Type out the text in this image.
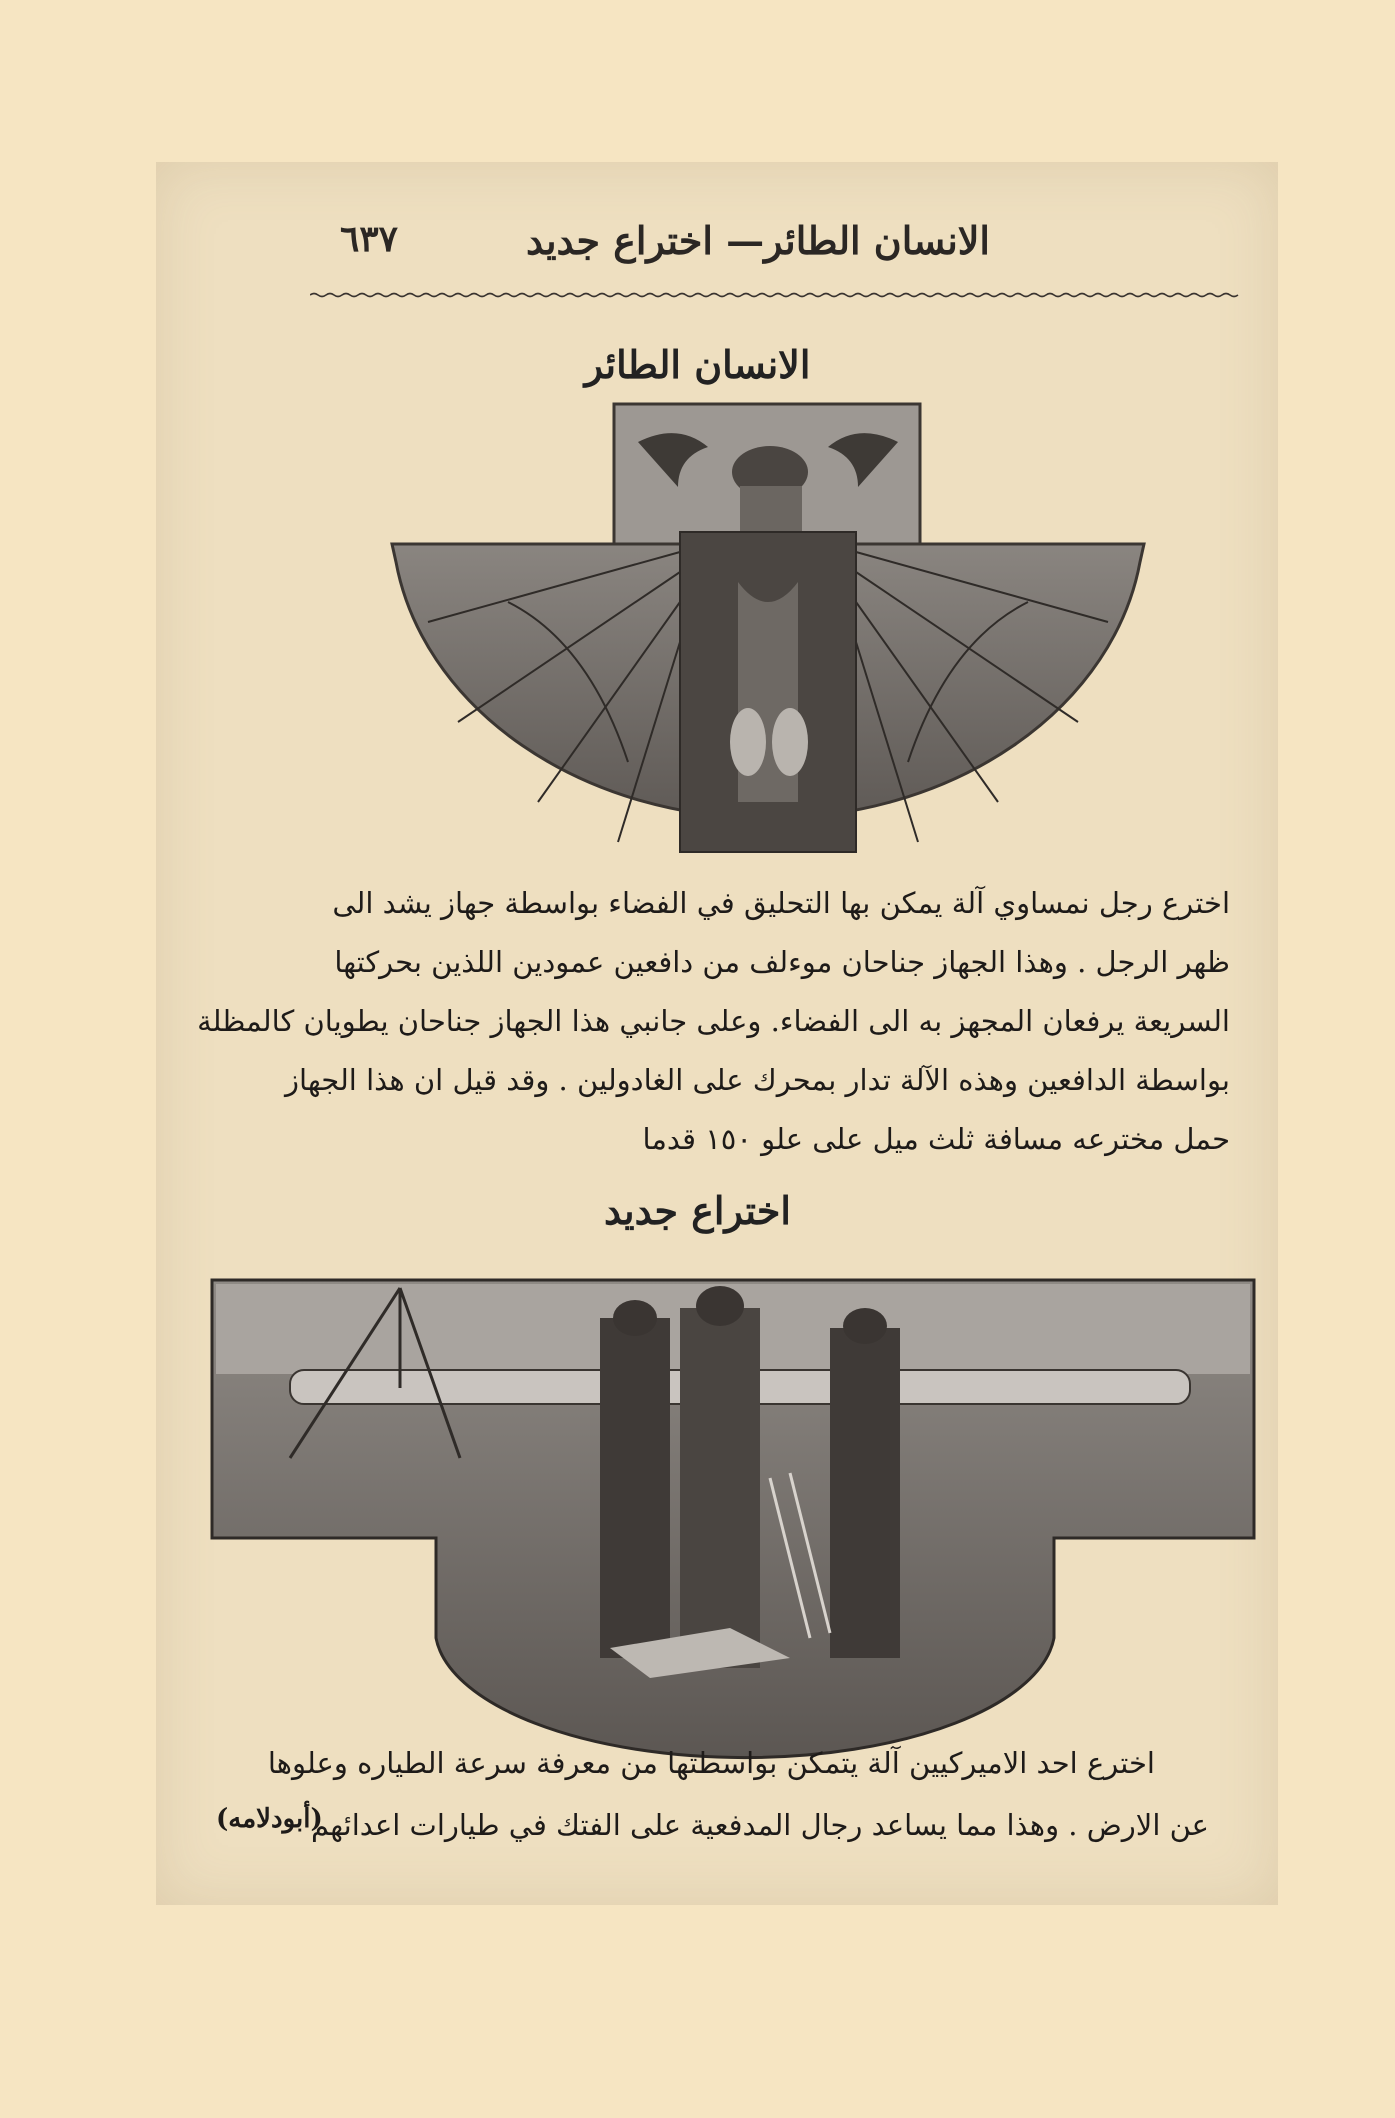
الانسان الطائر— اختراع جديد
٦٣٧
الانسان الطائر
اخترع رجل نمساوي آلة يمكن بها التحليق في الفضاء بواسطة جهاز يشد الى
ظهر الرجل . وهذا الجهاز جناحان موءلف من دافعين عمودين اللذين بحركتها
السريعة يرفعان المجهز به الى الفضاء. وعلى جانبي هذا الجهاز جناحان يطويان كالمظلة
بواسطة الدافعين وهذه الآلة تدار بمحرك على الغادولين . وقد قيل ان هذا الجهاز
حمل مخترعه مسافة ثلث ميل على علو ١٥٠ قدما
اختراع جديد
اخترع احد الاميركيين آلة يتمكن بواسطتها من معرفة سرعة الطياره وعلوها
عن الارض . وهذا مما يساعد رجال المدفعية على الفتك في طيارات اعدائهم
(أبودلامه)
